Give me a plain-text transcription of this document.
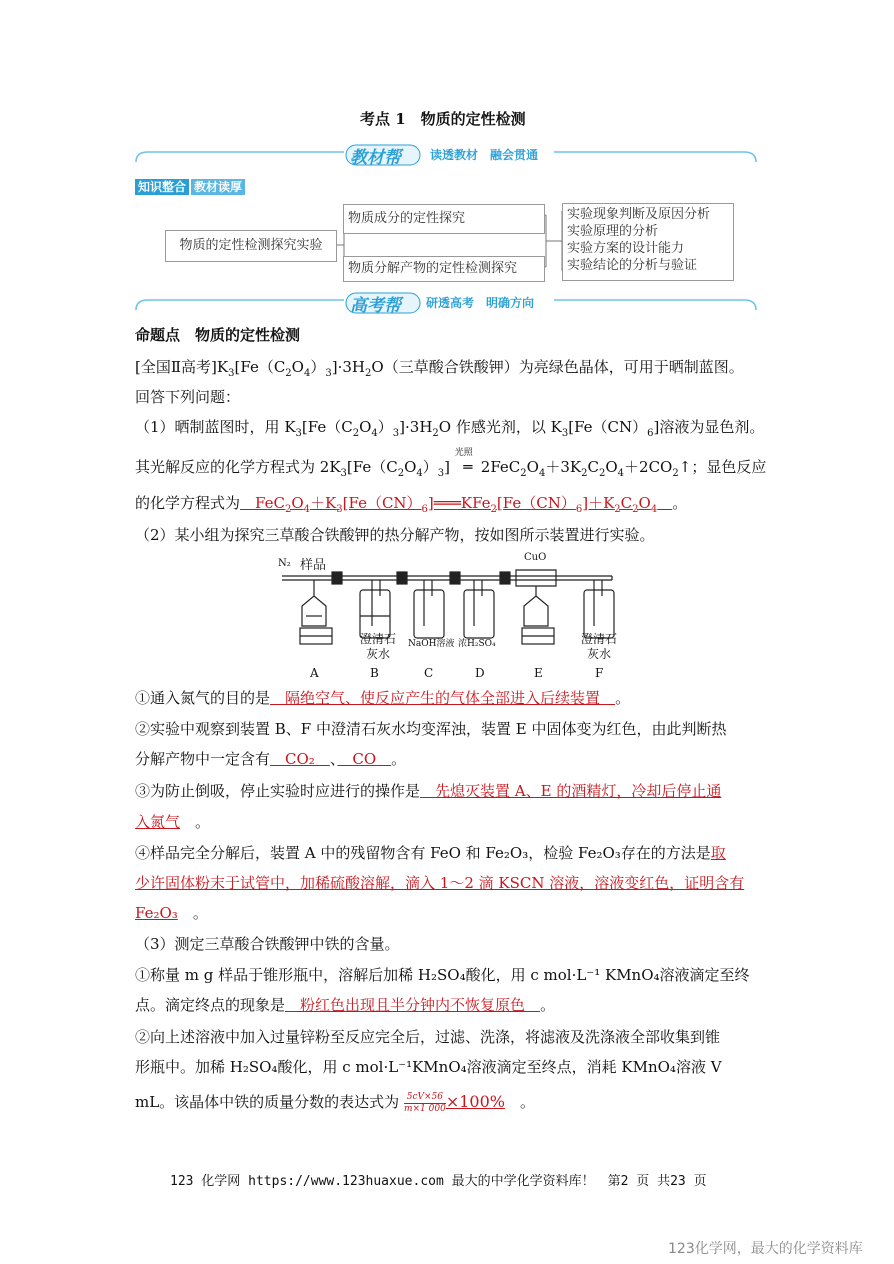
考点 1　物质的定性检测
教材帮 读透教材　融会贯通
知识整合 教材读厚
物质的定性检测探究实验
物质成分的定性探究
物质分解产物的定性检测探究
实验现象判断及原因分析
实验原理的分析
实验方案的设计能力
实验结论的分析与验证
高考帮 研透高考　明确方向
命题点　物质的定性检测
[全国Ⅱ高考]$K_3[Fe(C_2O_4)_3]\cdot 3H_2O$（三草酸合铁酸钾）为亮绿色晶体，可用于晒制蓝图。
回答下列问题：
（1）晒制蓝图时，用 $K_3[Fe(C_2O_4)_3]\cdot 3H_2O$ 作感光剂，以 $K_3[Fe(CN)_6]$溶液为显色剂。
其光解反应的化学方程式为 $2K_3[Fe(C_2O_4)_3]$
光照
═ $2FeC_2O_4+3K_2C_2O_4+2CO_2↑$；显色反应
的化学方程式为　$FeC_2O_4+K_3[Fe(CN)_6]═══KFe_2[Fe(CN)_6]+K_2C_2O_4$　 。
（2）某小组为探究三草酸合铁酸钾的热分解产物，按如图所示装置进行实验。
N₂ 样品
CuO
澄清石灰水
NaOH溶液 浓H₂SO₄	澄清石灰水
A	B	C	D	E	F
①通入氮气的目的是　 隔绝空气、使反应产生的气体全部进入后续装置　 。
②实验中观察到装置 B、F 中澄清石灰水均变浑浊，装置 E 中固体变为红色，由此判断热
分解产物中一定含有　 CO₂　 、　 CO　 。
③为防止倒吸，停止实验时应进行的操作是　 先熄灭装置 A、E 的酒精灯，冷却后停止通
入氮气　 。
④样品完全分解后，装置 A 中的残留物含有 FeO 和 Fe₂O₃，检验 Fe₂O₃存在的方法是取
少许固体粉末于试管中，加稀硫酸溶解，滴入 1～2 滴 KSCN 溶液，溶液变红色，证明含有
Fe₂O₃　 。
（3）测定三草酸合铁酸钾中铁的含量。
①称量 m g 样品于锥形瓶中，溶解后加稀 H₂SO₄酸化，用 c mol·L⁻¹ KMnO₄溶液滴定至终
点。滴定终点的现象是　 粉红色出现且半分钟内不恢复原色　 。
②向上述溶液中加入过量锌粉至反应完全后，过滤、洗涤，将滤液及洗涤液全部收集到锥
形瓶中。加稀 H₂SO₄酸化，用 c mol·L⁻¹KMnO₄溶液滴定至终点，消耗 KMnO₄溶液 V
mL。该晶体中铁的质量分数的表达式为 $\frac{5cV\times 56}{m\times 1 000} \times 100\%$　 。
123 化学网 https://www.123huaxue.com 最大的中学化学资料库！　第2 页 共23 页
123化学网，最大的化学资料库
